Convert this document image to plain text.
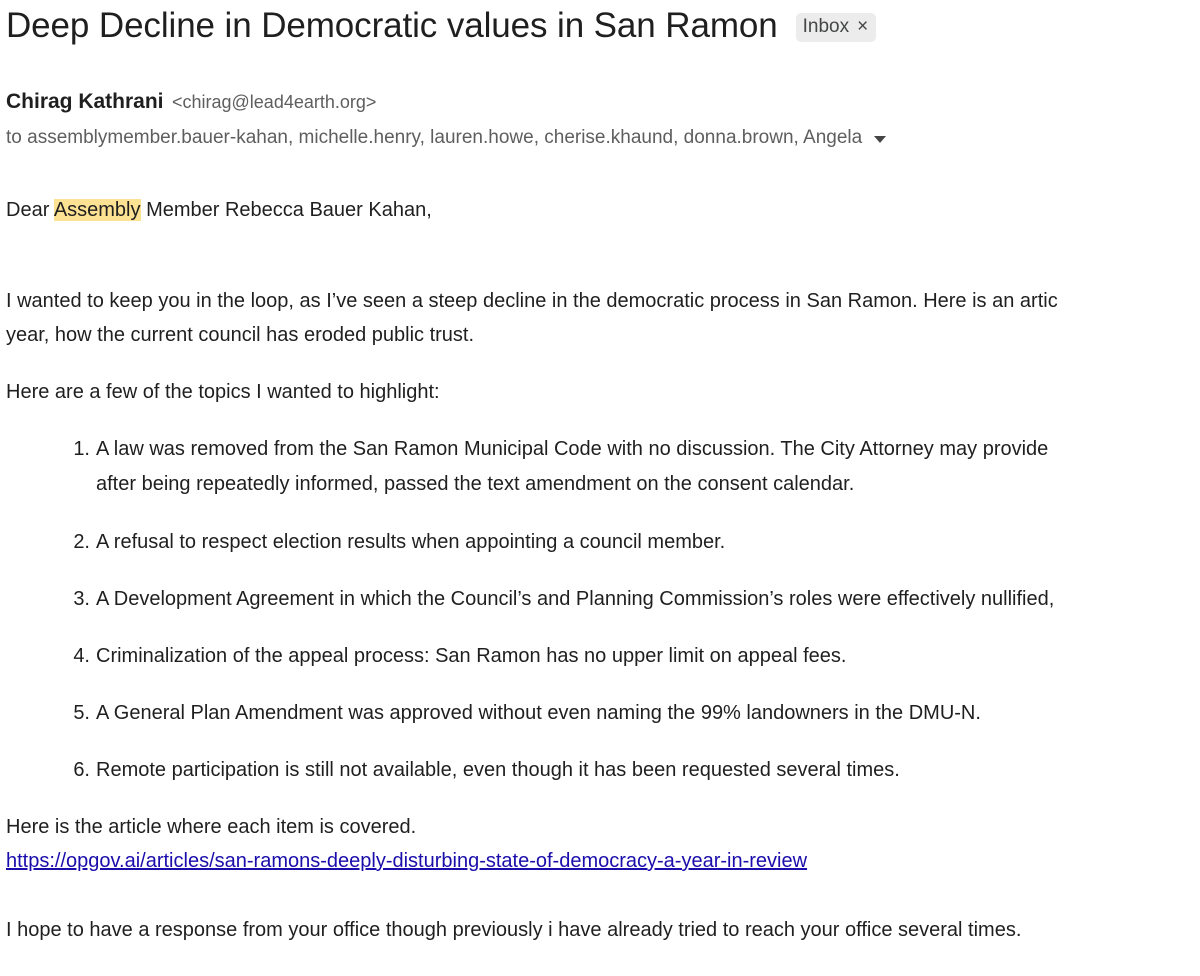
Deep Decline in Democratic values in San Ramon Inbox ×
Chirag Kathrani <chirag@lead4earth.org>
to assemblymember.bauer-kahan, michelle.henry, lauren.howe, cherise.khaund, donna.brown, Angela
Dear Assembly Member Rebecca Bauer Kahan,
I wanted to keep you in the loop, as I’ve seen a steep decline in the democratic process in San Ramon. Here is an artic
year, how the current council has eroded public trust.
Here are a few of the topics I wanted to highlight:
1. A law was removed from the San Ramon Municipal Code with no discussion. The City Attorney may provide
after being repeatedly informed, passed the text amendment on the consent calendar.
2. A refusal to respect election results when appointing a council member.
3. A Development Agreement in which the Council’s and Planning Commission’s roles were effectively nullified,
4. Criminalization of the appeal process: San Ramon has no upper limit on appeal fees.
5. A General Plan Amendment was approved without even naming the 99% landowners in the DMU-N.
6. Remote participation is still not available, even though it has been requested several times.
Here is the article where each item is covered.
https://opgov.ai/articles/san-ramons-deeply-disturbing-state-of-democracy-a-year-in-review
I hope to have a response from your office though previously i have already tried to reach your office several times.
